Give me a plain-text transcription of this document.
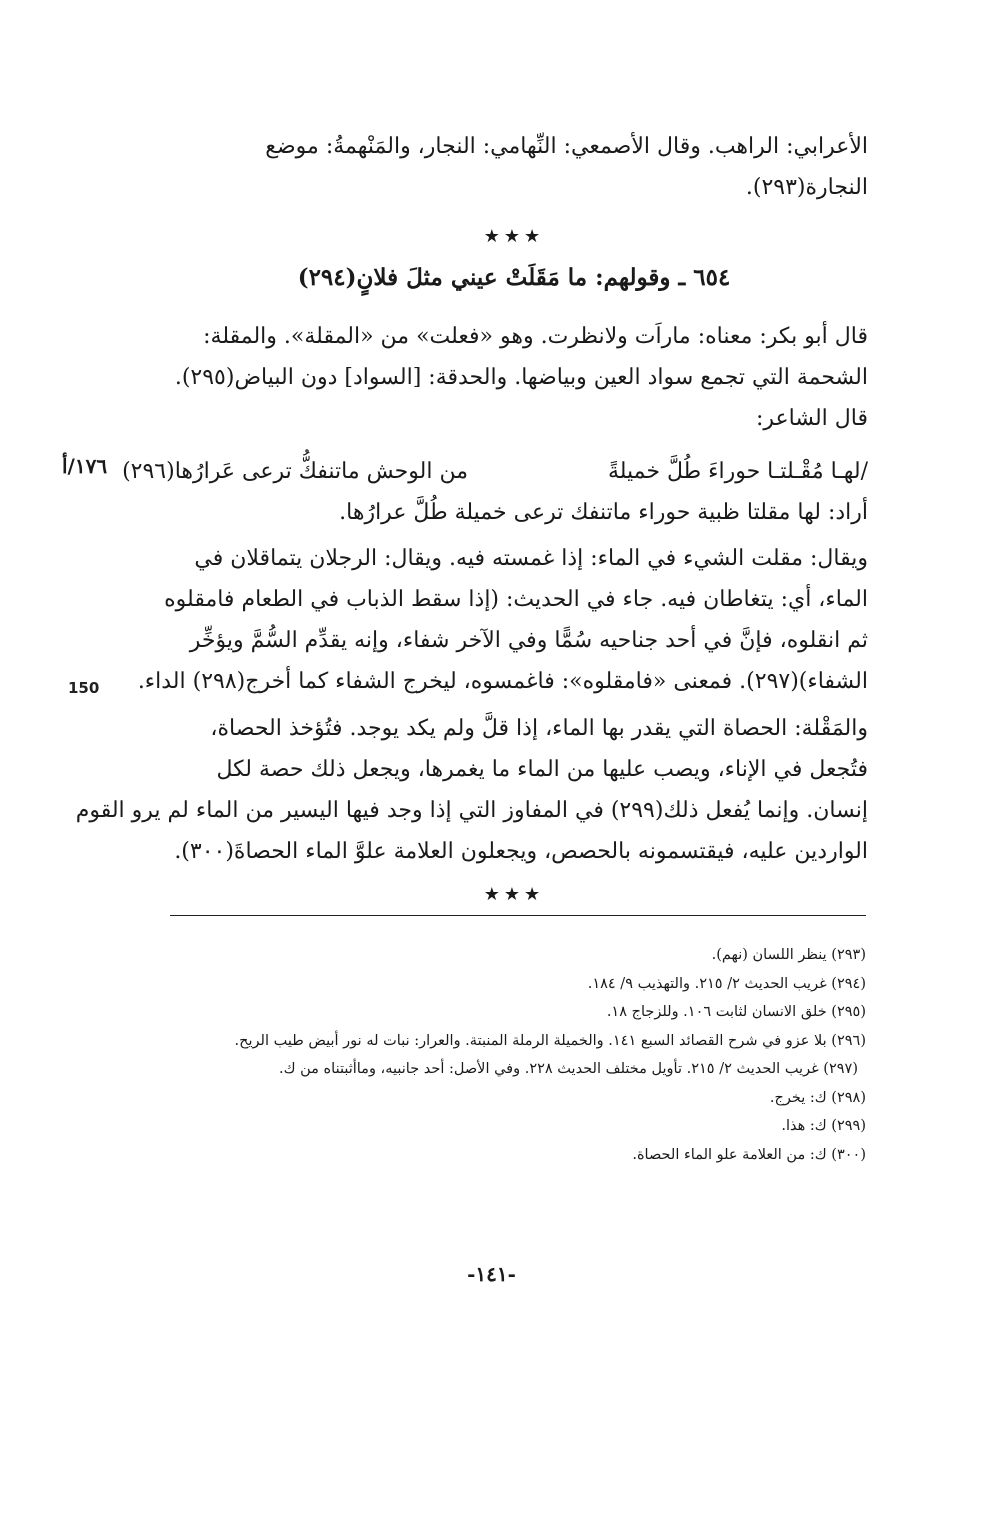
الأعرابي: الراهب. وقال الأصمعي: النِّهامي: النجار، والمَنْهمةُ: موضع
النجارة(٢٩٣).
★★★
٦٥٤ ـ وقولهم: ما مَقَلَتْ عيني مثلَ فلانٍ(٢٩٤)
قال أبو بكر: معناه: ماراَت ولانظرت. وهو «فعلت» من «المقلة». والمقلة:
الشحمة التي تجمع سواد العين وبياضها. والحدقة: [السواد] دون البياض(٢٩٥).
قال الشاعر:
١٧٦/أ	/لهـا مُقْـلتـا حوراءَ طُلَّ خميلةً
من الوحش ماتنفكُّ ترعى عَرارُها(٢٩٦)
أراد: لها مقلتا ظبية حوراء ماتنفك ترعى خميلة طُلَّ عرارُها.
ويقال: مقلت الشيء في الماء: إذا غمسته فيه. ويقال: الرجلان يتماقلان في
الماء، أي: يتغاطان فيه. جاء في الحديث: (إذا سقط الذباب في الطعام فامقلوه
ثم انقلوه، فإنَّ في أحد جناحيه سُمًّا وفي الآخر شفاء، وإنه يقدِّم السُّمَّ ويؤخِّر
الشفاء)(٢٩٧). فمعنى «فامقلوه»: فاغمسوه، ليخرج الشفاء كما أخرج(٢٩٨) الداء.
150
والمَقْلة: الحصاة التي يقدر بها الماء، إذا قلَّ ولم يكد يوجد. فتُؤخذ الحصاة،
فتُجعل في الإناء، ويصب عليها من الماء ما يغمرها، ويجعل ذلك حصة لكل
إنسان. وإنما يُفعل ذلك(٢٩٩) في المفاوز التي إذا وجد فيها اليسير من الماء لم يرو القوم
الواردين عليه، فيقتسمونه بالحصص، ويجعلون العلامة علوَّ الماء الحصاةَ(٣٠٠).
★★★
(٢٩٣) ينظر اللسان (نهم).
(٢٩٤) غريب الحديث ٢/ ٢١٥. والتهذيب ٩/ ١٨٤.
(٢٩٥) خلق الانسان لثابت ١٠٦. وللزجاج ١٨.
(٢٩٦) بلا عزو في شرح القصائد السبع ١٤١. والخميلة الرملة المنبتة. والعرار: نبات له نور أبيض طيب الريح.
(٢٩٧) غريب الحديث ٢/ ٢١٥. تأويل مختلف الحديث ٢٢٨. وفي الأصل: أحد جانبيه، وماأثبتناه من ك.
(٢٩٨) ك: يخرج.
(٢٩٩) ك: هذا.
(٣٠٠) ك: من العلامة علو الماء الحصاة.
-١٤١-
